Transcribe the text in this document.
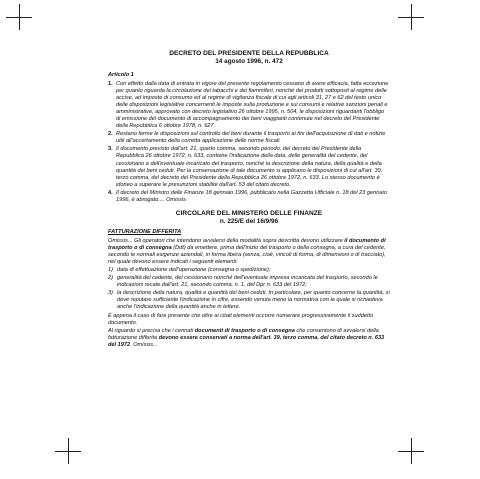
DECRETO DEL PRESIDENTE DELLA REPUBBLICA
14 agosto 1996, n. 472
Articolo 1
1. Con effetto dalla data di entrata in vigore del presente regolamento cessano di avere efficacia, fatta eccezione per quanto riguarda la circolazione dei tabacchi e dei fiammiferi, nonché dei prodotti sottoposti al regime delle accise, ad imposte di consumo ed al regime di vigilanza fiscale di cui agli articoli 31, 27 e 62 del testo unico delle disposizioni legislative concernenti le imposte sulla produzione e sui consumi e relative sanzioni penali e amministrative, approvato con decreto legislativo 26 ottobre 1995, n. 504, le disposizioni riguardanti l'obbligo di emissione del documento di accompagnamento dei beni viaggianti contenute nel decreto del Presidente della Repubblica 6 ottobre 1978, n. 627.
2. Restano ferme le disposizioni sul controllo dei beni durante il trasporto ai fini dell'acquisizione di dati e notizie utili all'accertamento della corretta applicazione delle norme fiscali.
3. Il documento previsto dall'art. 21, quarto comma, secondo periodo, del decreto del Presidente della Repubblica 26 ottobre 1972, n. 633, contiene l'indicazione della data, delle generalità del cedente, del cessionario e dell'eventuale incaricato del trasporto, nonché la descrizione della natura, della qualità e della quantità dei beni ceduti. Per la conservazione di tale documento si applicano le disposizioni di cui all'art. 39, terzo comma, del decreto del Presidente della Repubblica 26 ottobre 1972, n. 633. Lo stesso documento è idoneo a superare le presunzioni stabilite dall'art. 53 del citato decreto.
4. Il decreto del Ministro delle Finanze 18 gennaio 1996, pubblicato nella Gazzetta Ufficiale n. 18 del 23 gennaio 1996, è abrogato.... Omissis
CIRCOLARE DEL MINISTERO DELLE FINANZE
n. 225/E del 16/9/96
FATTURAZIONE DIFFERITA
Omissis... Gli operatori che intendono avvalersi della modalità sopra descritta devono utilizzare il documento di trasporto o di consegna (Ddt) da emettere, prima dell'inizio del trasporto o della consegna, a cura del cedente, secondo le normali esigenze aziendali, in forma libera (senza, cioè, vincoli di forma, di dimensioni o di tracciato), nel quale devono essere indicati i seguenti elementi:
1) data di effettuazione dell'operazione (consegna o spedizione);
2) generalità del cedente, del cessionario nonché dell'eventuale impresa incaricata del trasporto, secondo le indicazioni recate dall'art. 21, secondo comma, n. 1, del Dpr n. 633 del 1972;
3) la descrizione della natura, qualità e quantità dei beni ceduti. In particolare, per quanto concerne la quantità, si deve reputare sufficiente l'indicazione in cifre, essendo venuta meno la normativa con la quale si richiedeva anche l'indicazione della quantità anche in lettere.
È appena il caso di fare presente che oltre ai citati elementi occorre numerare progressivamente il suddetto documento.
Al riguardo si precisa che i cennati documenti di trasporto o di consegna che consentono di avvalersi della fatturazione differita devono essere conservati a norma dell'art. 39, terzo comma, del citato decreto n. 633 del 1972. Omissis...
